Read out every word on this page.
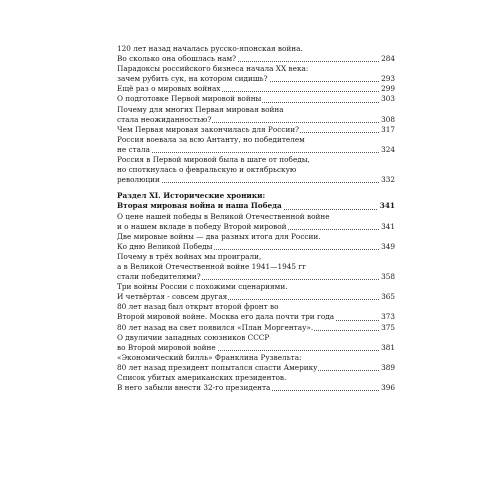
120 лет назад началась русско-японская война.
Во сколько она обошлась нам?	284
Парадоксы российского бизнеса начала XX века:
зачем рубить сук, на котором сидишь?	293
Ещё раз о мировых войнах	299
О подготовке Первой мировой войны	303
Почему для многих Первая мировая война
стала неожиданностью?	308
Чем Первая мировая закончилась для России?	317
Россия воевала за всю Антанту, но победителем
не стала	324
Россия в Первой мировой была в шаге от победы,
но споткнулась о февральскую и октябрьскую
революции	332
Раздел XI. Исторические хроники:
Вторая мировая война и наша Победа	341
О цене нашей победы в Великой Отечественной войне
и о нашем вкладе в победу Второй мировой	341
Две мировые войны — два разных итога для России.
Ко дню Великой Победы	349
Почему в трёх войнах мы проиграли,
а в Великой Отечественной войне 1941—1945 гг
стали победителями?	358
Три войны России с похожими сценариями.
И четвёртая - совсем другая	365
80 лет назад был открыт второй фронт во
Второй мировой войне. Москва его дала почти три года	373
80 лет назад на свет появился «План Моргентау».	375
О двуличии западных союзников СССР
во Второй мировой войне	381
«Экономический билль» Франклина Рузвельта:
80 лет назад президент попытался спасти Америку	389
Список убитых американских президентов.
В него забыли внести 32-го президента	396
